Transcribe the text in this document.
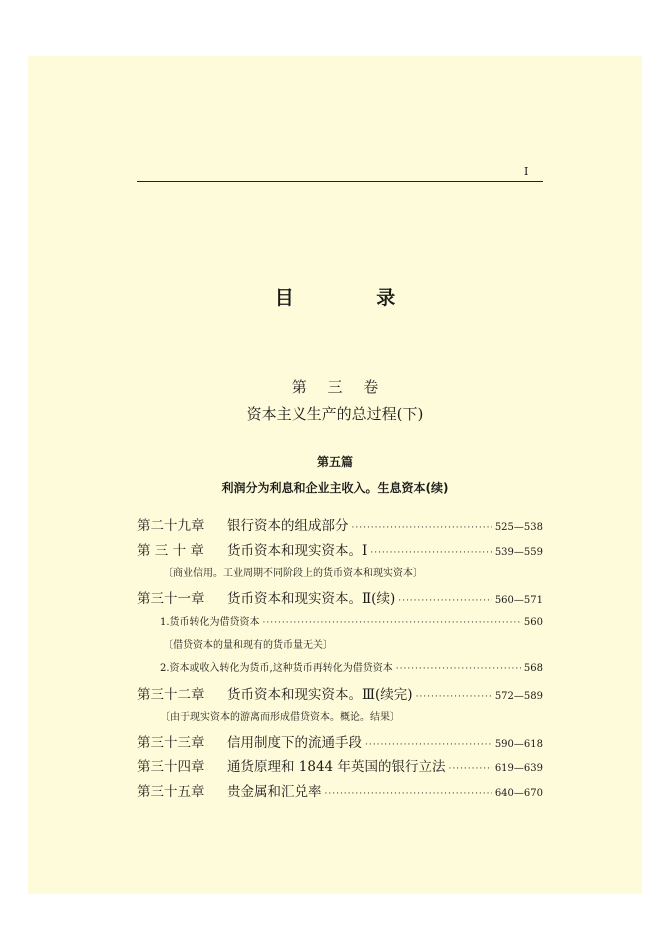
I
目 录
第 三 卷
资本主义生产的总过程(下)
第五篇
利润分为利息和企业主收入。生息资本(续)
第二十九章 银行资本的组成部分 ·····	525—538
第 三 十 章 货币资本和现实资本。Ⅰ ·····	539—559
〔商业信用。工业周期不同阶段上的货币资本和现实资本〕
第三十一章 货币资本和现实资本。Ⅱ(续) ·····	560—571
1.货币转化为借贷资本 ·····	560
〔借贷资本的量和现有的货币量无关〕
2.资本或收入转化为货币,这种货币再转化为借贷资本 ·····	568
第三十二章 货币资本和现实资本。Ⅲ(续完) ·····	572—589
〔由于现实资本的游离而形成借贷资本。概论。结果〕
第三十三章 信用制度下的流通手段 ·····	590—618
第三十四章 通货原理和 1844 年英国的银行立法 ·····	619—639
第三十五章 贵金属和汇兑率 ·····	640—670
